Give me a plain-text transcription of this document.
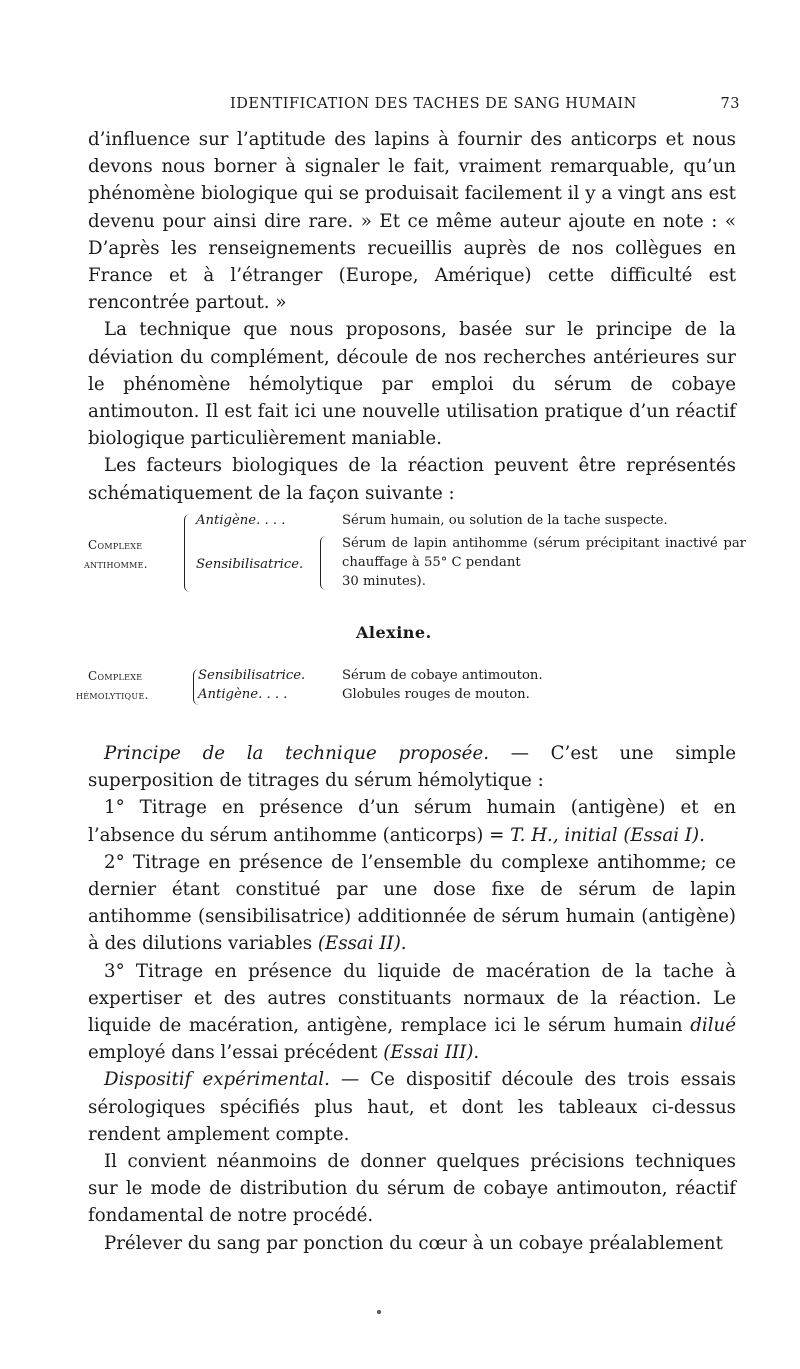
IDENTIFICATION DES TACHES DE SANG HUMAIN	73

d’influence sur l’aptitude des lapins à fournir des anticorps et nous devons nous borner à signaler le fait, vraiment remarquable, qu’un phénomène biologique qui se produisait facilement il y a vingt ans est devenu pour ainsi dire rare. » Et ce même auteur ajoute en note : « D’après les renseignements recueillis auprès de nos collègues en France et à l’étranger (Europe, Amérique) cette difficulté est rencontrée partout. »

La technique que nous proposons, basée sur le principe de la déviation du complément, découle de nos recherches antérieures sur le phénomène hémolytique par emploi du sérum de cobaye antimouton. Il est fait ici une nouvelle utilisation pratique d’un réactif biologique particulièrement maniable.

Les facteurs biologiques de la réaction peuvent être représentés schématiquement de la façon suivante :

Complexe
antihomme.
Antigène. . . .
Sensibilisatrice.
Sérum humain, ou solution de la tache suspecte.
Sérum de lapin antihomme (sérum précipitant inactivé par chauffage à 55° C pendant
30 minutes).
Alexine.
Complexe
hémolytique.
Sensibilisatrice.
Antigène. . . .
Sérum de cobaye antimouton.
Globules rouges de mouton.

Principe de la technique proposée. — C’est une simple superposition de titrages du sérum hémolytique :

1° Titrage en présence d’un sérum humain (antigène) et en l’absence du sérum antihomme (anticorps) = T. H., initial (Essai I).

2° Titrage en présence de l’ensemble du complexe antihomme; ce dernier étant constitué par une dose fixe de sérum de lapin antihomme (sensibilisatrice) additionnée de sérum humain (antigène) à des dilutions variables (Essai II).

3° Titrage en présence du liquide de macération de la tache à expertiser et des autres constituants normaux de la réaction. Le liquide de macération, antigène, remplace ici le sérum humain dilué employé dans l’essai précédent (Essai III).

Dispositif expérimental. — Ce dispositif découle des trois essais sérologiques spécifiés plus haut, et dont les tableaux ci-dessus rendent amplement compte.

Il convient néanmoins de donner quelques précisions techniques sur le mode de distribution du sérum de cobaye antimouton, réactif fondamental de notre procédé.

Prélever du sang par ponction du cœur à un cobaye préalablement
